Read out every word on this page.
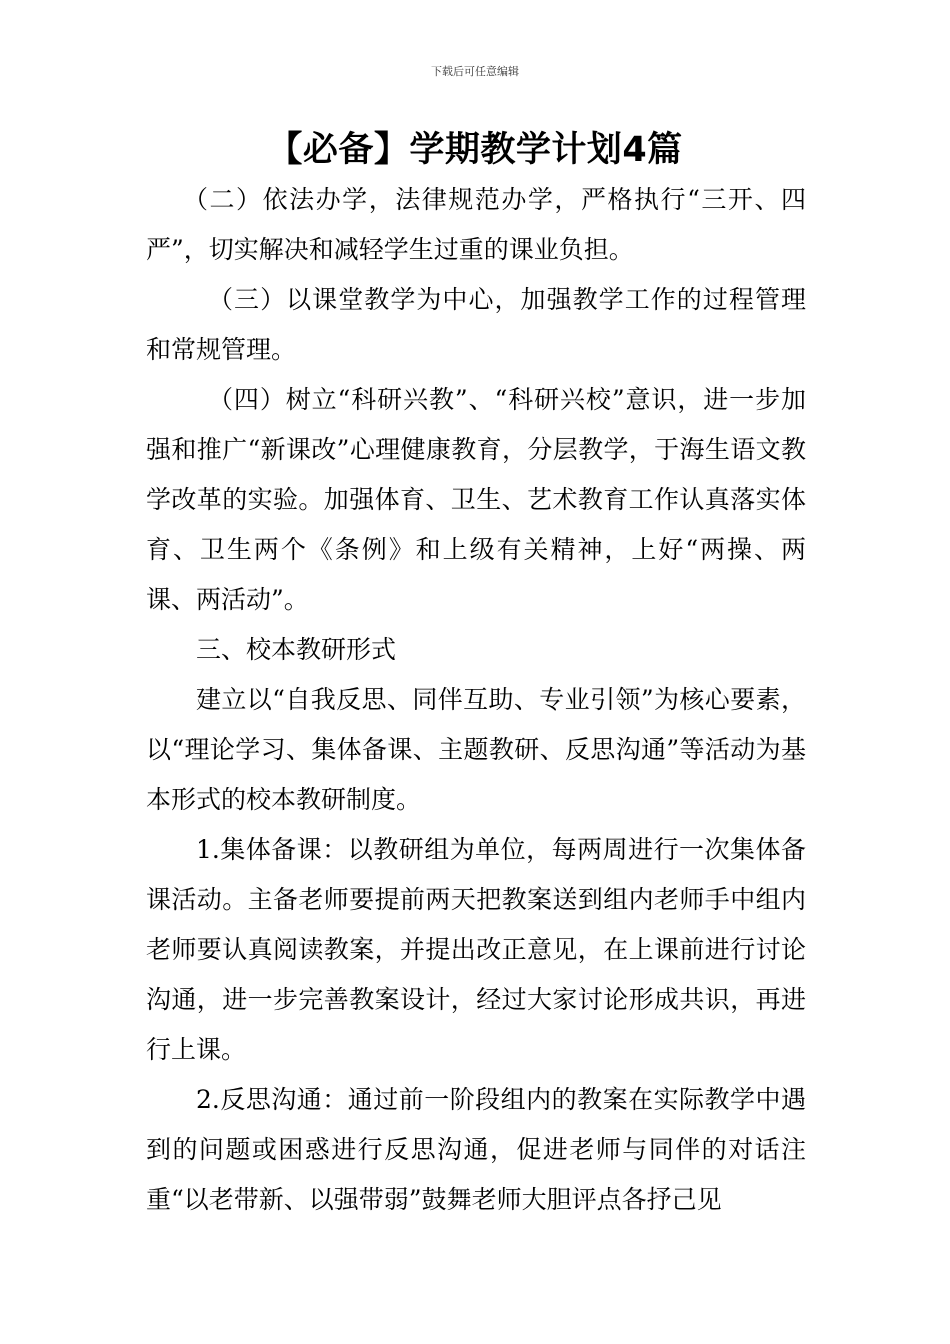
下载后可任意编辑
【必备】学期教学计划4篇

（二）依法办学，法律规范办学，严格执行“三开、四严”，切实解决和减轻学生过重的课业负担。

（三）以课堂教学为中心，加强教学工作的过程管理和常规管理。

（四）树立“科研兴教”、“科研兴校”意识，进一步加强和推广“新课改”心理健康教育，分层教学，于海生语文教学改革的实验。加强体育、卫生、艺术教育工作认真落实体育、卫生两个《条例》和上级有关精神，上好“两操、两课、两活动”。

三、校本教研形式

建立以“自我反思、同伴互助、专业引领”为核心要素，以“理论学习、集体备课、主题教研、反思沟通”等活动为基本形式的校本教研制度。

1.集体备课：以教研组为单位，每两周进行一次集体备课活动。主备老师要提前两天把教案送到组内老师手中组内老师要认真阅读教案，并提出改正意见，在上课前进行讨论沟通，进一步完善教案设计，经过大家讨论形成共识，再进行上课。

2.反思沟通：通过前一阶段组内的教案在实际教学中遇到的问题或困惑进行反思沟通，促进老师与同伴的对话注重“以老带新、以强带弱”鼓舞老师大胆评点各抒己见
